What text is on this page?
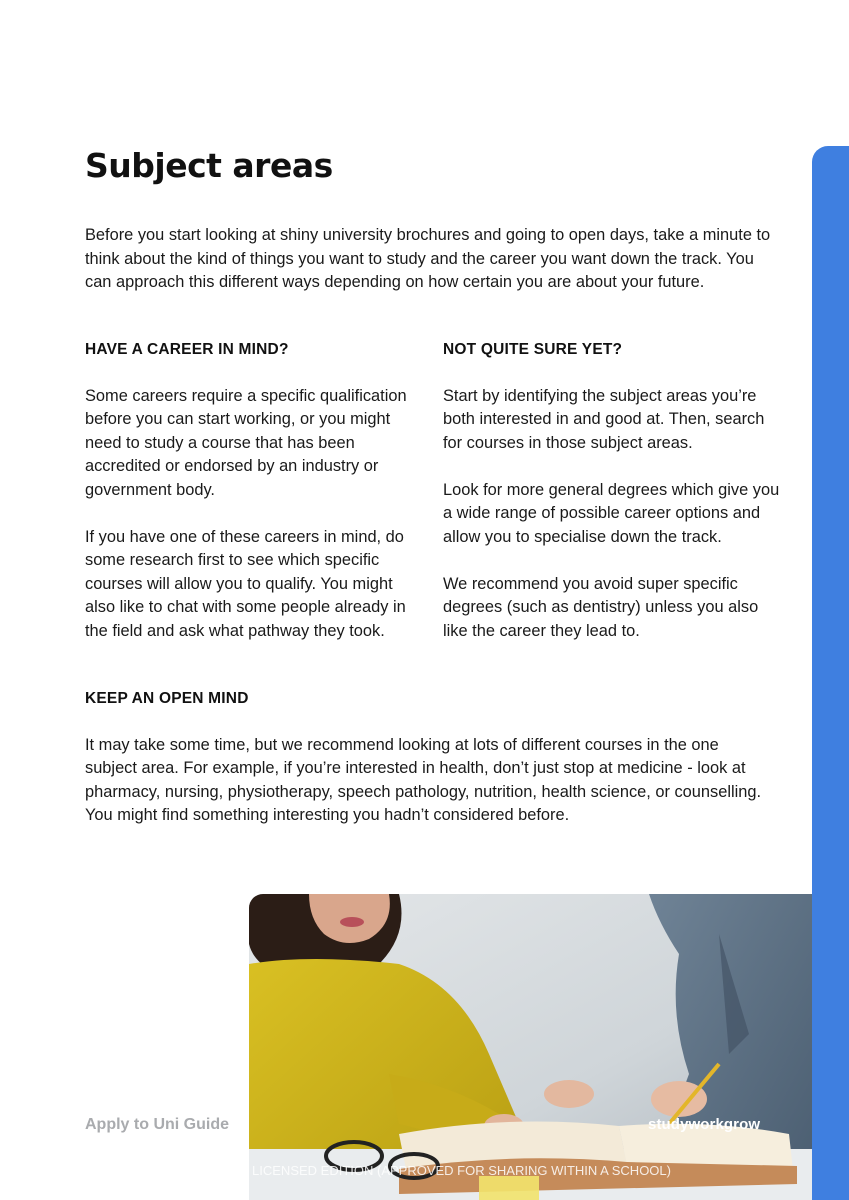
Subject areas

Before you start looking at shiny university brochures and going to open days, take a minute to think about the kind of things you want to study and the career you want down the track. You can approach this different ways depending on how certain you are about your future.

HAVE A CAREER IN MIND?

Some careers require a specific qualification before you can start working, or you might need to study a course that has been accredited or endorsed by an industry or government body.

If you have one of these careers in mind, do some research first to see which specific courses will allow you to qualify. You might also like to chat with some people already in the field and ask what pathway they took.

NOT QUITE SURE YET?

Start by identifying the subject areas you’re both interested in and good at. Then, search for courses in those subject areas.

Look for more general degrees which give you a wide range of possible career options and allow you to specialise down the track.

We recommend you avoid super specific degrees (such as dentistry) unless you also like the career they lead to.

KEEP AN OPEN MIND

It may take some time, but we recommend looking at lots of different courses in the one subject area. For example, if you’re interested in health, don’t just stop at medicine - look at pharmacy, nursing, physiotherapy, speech pathology, nutrition, health science, or counselling. You might find something interesting you hadn’t considered before.

Apply to Uni Guide	studyworkgrow
SCHOOL LICENSED EDITION (APPROVED FOR SHARING WITHIN A SCHOOL)
